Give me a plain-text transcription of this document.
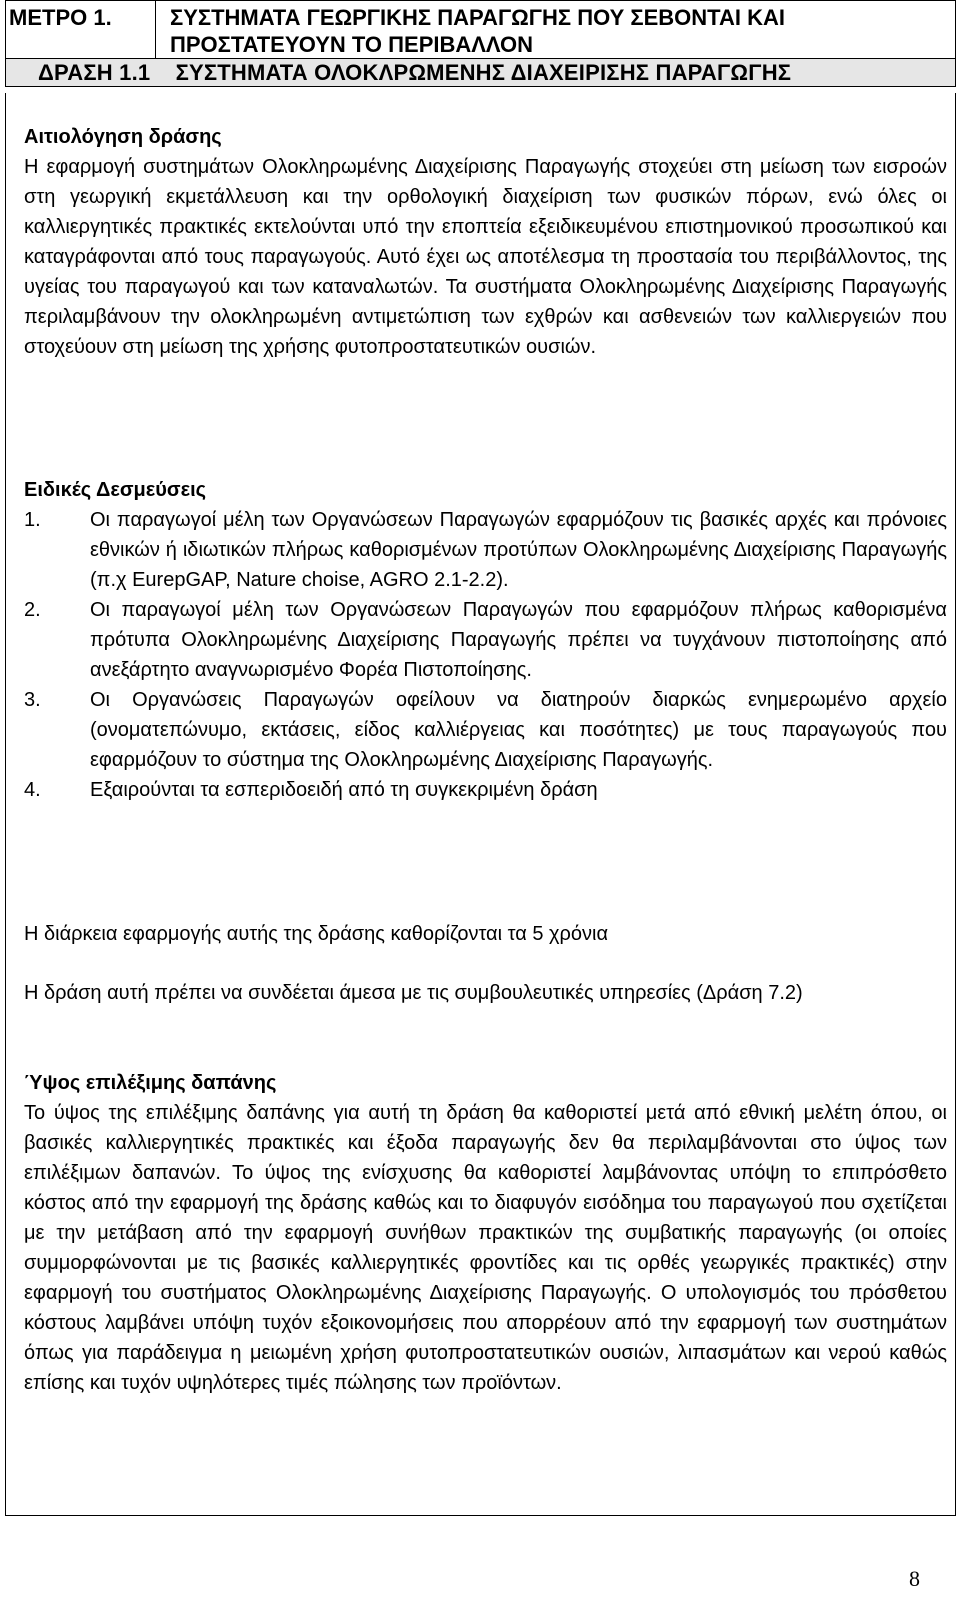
ΜΕΤΡΟ 1.	ΣΥΣΤΗΜΑΤΑ ΓΕΩΡΓΙΚΗΣ ΠΑΡΑΓΩΓΗΣ ΠΟΥ ΣΕΒΟΝΤΑΙ ΚΑΙ ΠΡΟΣΤΑΤΕΥΟΥΝ ΤΟ ΠΕΡΙΒΑΛΛΟΝ
ΔΡΑΣΗ 1.1 ΣΥΣΤΗΜΑΤΑ ΟΛΟΚΛΡΩΜΕΝΗΣ ΔΙΑΧΕΙΡΙΣΗΣ ΠΑΡΑΓΩΓΗΣ
Αιτιολόγηση δράσης
Η εφαρμογή συστημάτων Ολοκληρωμένης Διαχείρισης Παραγωγής στοχεύει στη μείωση των εισροών στη γεωργική εκμετάλλευση και την ορθολογική διαχείριση των φυσικών πόρων, ενώ όλες οι καλλιεργητικές πρακτικές εκτελούνται υπό την εποπτεία εξειδικευμένου επιστημονικού προσωπικού και καταγράφονται από τους παραγωγούς. Αυτό έχει ως αποτέλεσμα τη προστασία του περιβάλλοντος, της υγείας του παραγωγού και των καταναλωτών. Τα συστήματα Ολοκληρωμένης Διαχείρισης Παραγωγής περιλαμβάνουν την ολοκληρωμένη αντιμετώπιση των εχθρών και ασθενειών των καλλιεργειών που στοχεύουν στη μείωση της χρήσης φυτοπροστατευτικών ουσιών.
Ειδικές Δεσμεύσεις
1.	Οι παραγωγοί μέλη των Οργανώσεων Παραγωγών εφαρμόζουν τις βασικές αρχές και πρόνοιες εθνικών ή ιδιωτικών πλήρως καθορισμένων προτύπων Ολοκληρωμένης Διαχείρισης Παραγωγής (π.χ EurepGAP, Nature choise, AGRO 2.1-2.2).
2.	Οι παραγωγοί μέλη των Οργανώσεων Παραγωγών που εφαρμόζουν πλήρως καθορισμένα πρότυπα Ολοκληρωμένης Διαχείρισης Παραγωγής πρέπει να τυγχάνουν πιστοποίησης από ανεξάρτητο αναγνωρισμένο Φορέα Πιστοποίησης.
3.	Οι Οργανώσεις Παραγωγών οφείλουν να διατηρούν διαρκώς ενημερωμένο αρχείο (ονοματεπώνυμο, εκτάσεις, είδος καλλιέργειας και ποσότητες) με τους παραγωγούς που εφαρμόζουν το σύστημα της Ολοκληρωμένης Διαχείρισης Παραγωγής.
4.	Εξαιρούνται τα εσπεριδοειδή από τη συγκεκριμένη δράση
Η διάρκεια εφαρμογής αυτής της δράσης καθορίζονται τα 5 χρόνια
Η δράση αυτή πρέπει να συνδέεται άμεσα με τις συμβουλευτικές υπηρεσίες (Δράση 7.2)
Ύψος επιλέξιμης δαπάνης
Το ύψος της επιλέξιμης δαπάνης για αυτή τη δράση θα καθοριστεί μετά από εθνική μελέτη όπου, οι βασικές καλλιεργητικές πρακτικές και έξοδα παραγωγής δεν θα περιλαμβάνονται στο ύψος των επιλέξιμων δαπανών. Το ύψος της ενίσχυσης θα καθοριστεί λαμβάνοντας υπόψη το επιπρόσθετο κόστος από την εφαρμογή της δράσης καθώς και το διαφυγόν εισόδημα του παραγωγού που σχετίζεται με την μετάβαση από την εφαρμογή συνήθων πρακτικών της συμβατικής παραγωγής (οι οποίες συμμορφώνονται με τις βασικές καλλιεργητικές φροντίδες και τις ορθές γεωργικές πρακτικές) στην εφαρμογή του συστήματος Ολοκληρωμένης Διαχείρισης Παραγωγής. Ο υπολογισμός του πρόσθετου κόστους λαμβάνει υπόψη τυχόν εξοικονομήσεις που απορρέουν από την εφαρμογή των συστημάτων όπως για παράδειγμα η μειωμένη χρήση φυτοπροστατευτικών ουσιών, λιπασμάτων και νερού καθώς επίσης και τυχόν υψηλότερες τιμές πώλησης των προϊόντων.
8
